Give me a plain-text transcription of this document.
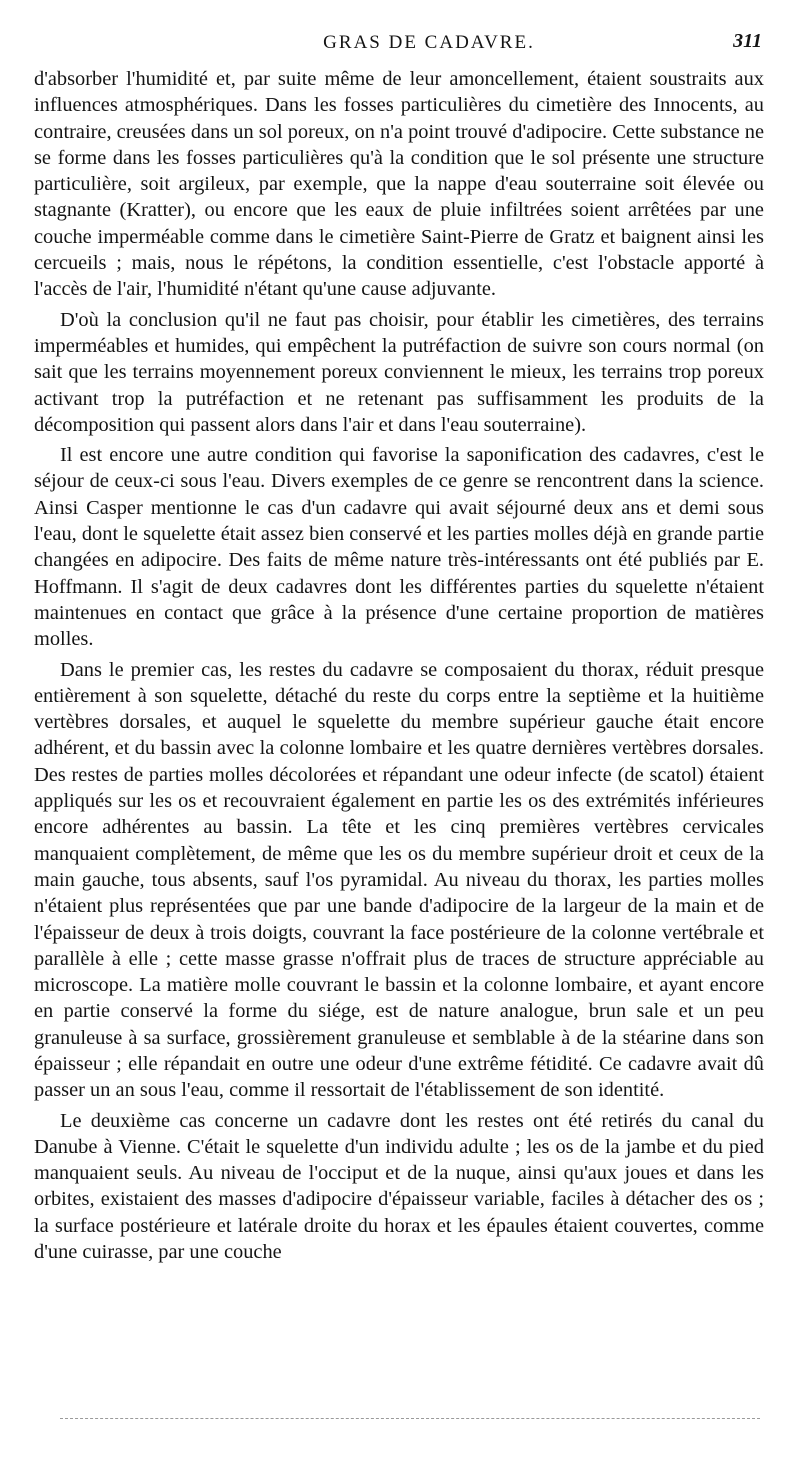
GRAS DE CADAVRE.	311

d'absorber l'humidité et, par suite même de leur amoncellement, étaient soustraits aux influences atmosphériques. Dans les fosses particulières du cimetière des Innocents, au contraire, creusées dans un sol poreux, on n'a point trouvé d'adipocire. Cette substance ne se forme dans les fosses particulières qu'à la condition que le sol présente une structure particulière, soit argileux, par exemple, que la nappe d'eau souterraine soit élevée ou stagnante (Kratter), ou encore que les eaux de pluie infiltrées soient arrêtées par une couche imperméable comme dans le cimetière Saint-Pierre de Gratz et baignent ainsi les cercueils ; mais, nous le répétons, la condition essentielle, c'est l'obstacle apporté à l'accès de l'air, l'humidité n'étant qu'une cause adjuvante.

D'où la conclusion qu'il ne faut pas choisir, pour établir les cimetières, des terrains imperméables et humides, qui empêchent la putréfaction de suivre son cours normal (on sait que les terrains moyennement poreux conviennent le mieux, les terrains trop poreux activant trop la putréfaction et ne retenant pas suffisamment les produits de la décomposition qui passent alors dans l'air et dans l'eau souterraine).

Il est encore une autre condition qui favorise la saponification des cadavres, c'est le séjour de ceux-ci sous l'eau. Divers exemples de ce genre se rencontrent dans la science. Ainsi Casper mentionne le cas d'un cadavre qui avait séjourné deux ans et demi sous l'eau, dont le squelette était assez bien conservé et les parties molles déjà en grande partie changées en adipocire. Des faits de même nature très-intéressants ont été publiés par E. Hoffmann. Il s'agit de deux cadavres dont les différentes parties du squelette n'étaient maintenues en contact que grâce à la présence d'une certaine proportion de matières molles.

Dans le premier cas, les restes du cadavre se composaient du thorax, réduit presque entièrement à son squelette, détaché du reste du corps entre la septième et la huitième vertèbres dorsales, et auquel le squelette du membre supérieur gauche était encore adhérent, et du bassin avec la colonne lombaire et les quatre dernières vertèbres dorsales. Des restes de parties molles décolorées et répandant une odeur infecte (de scatol) étaient appliqués sur les os et recouvraient également en partie les os des extrémités inférieures encore adhérentes au bassin. La tête et les cinq premières vertèbres cervicales manquaient complètement, de même que les os du membre supérieur droit et ceux de la main gauche, tous absents, sauf l'os pyramidal. Au niveau du thorax, les parties molles n'étaient plus représentées que par une bande d'adipocire de la largeur de la main et de l'épaisseur de deux à trois doigts, couvrant la face postérieure de la colonne vertébrale et parallèle à elle ; cette masse grasse n'offrait plus de traces de structure appréciable au microscope. La matière molle couvrant le bassin et la colonne lombaire, et ayant encore en partie conservé la forme du siége, est de nature analogue, brun sale et un peu granuleuse à sa surface, grossièrement granuleuse et semblable à de la stéarine dans son épaisseur ; elle répandait en outre une odeur d'une extrême fétidité. Ce cadavre avait dû passer un an sous l'eau, comme il ressortait de l'établissement de son identité.

Le deuxième cas concerne un cadavre dont les restes ont été retirés du canal du Danube à Vienne. C'était le squelette d'un individu adulte ; les os de la jambe et du pied manquaient seuls. Au niveau de l'occiput et de la nuque, ainsi qu'aux joues et dans les orbites, existaient des masses d'adipocire d'épaisseur variable, faciles à détacher des os ; la surface postérieure et latérale droite du horax et les épaules étaient couvertes, comme d'une cuirasse, par une couche
